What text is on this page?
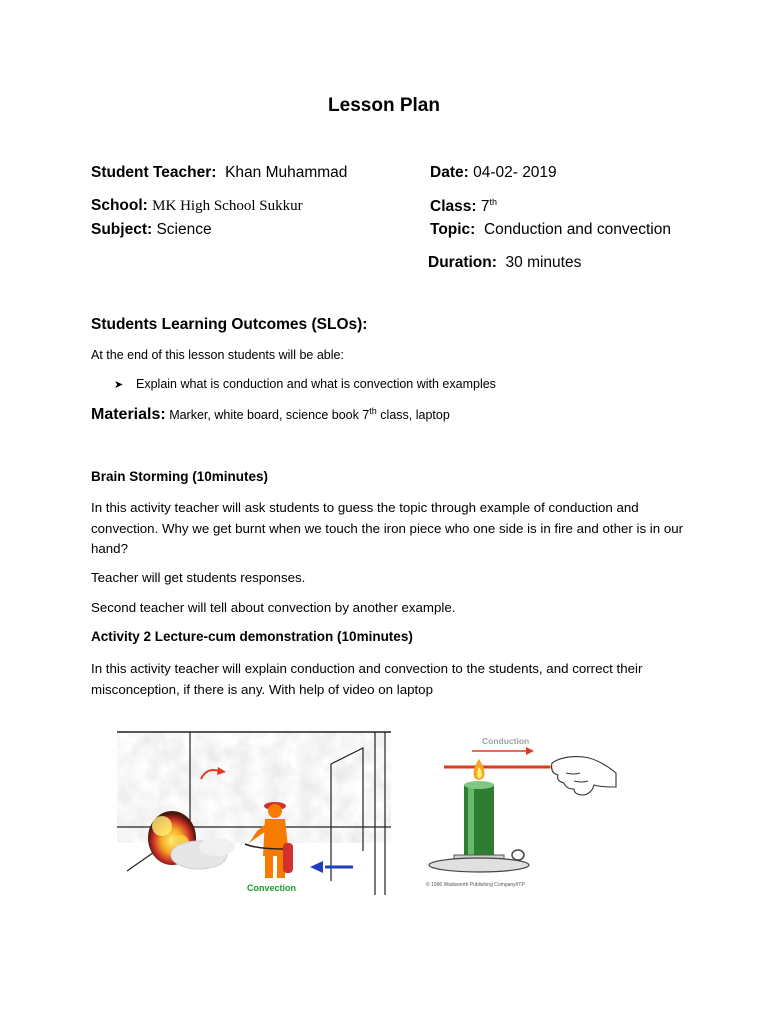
Lesson Plan
Student Teacher: Khan Muhammad	Date: 04-02- 2019
School: MK High School Sukkur	Class: 7th
Subject: Science	Topic: Conduction and convection
Duration: 30 minutes
Students Learning Outcomes (SLOs):
At the end of this lesson students will be able:
➤ Explain what is conduction and what is convection with examples
Materials: Marker, white board, science book 7th class, laptop
Brain Storming (10minutes)
In this activity teacher will ask students to guess the topic through example of conduction and convection. Why we get burnt when we touch the iron piece who one side is in fire and other is in our hand?
Teacher will get students responses.
Second teacher will tell about convection by another example.
Activity 2 Lecture-cum demonstration (10minutes)
In this activity teacher will explain conduction and convection to the students, and correct their misconception, if there is any. With help of video on laptop
Convection
Conduction
© 1996 Wadsworth Publishing Company/ITP
